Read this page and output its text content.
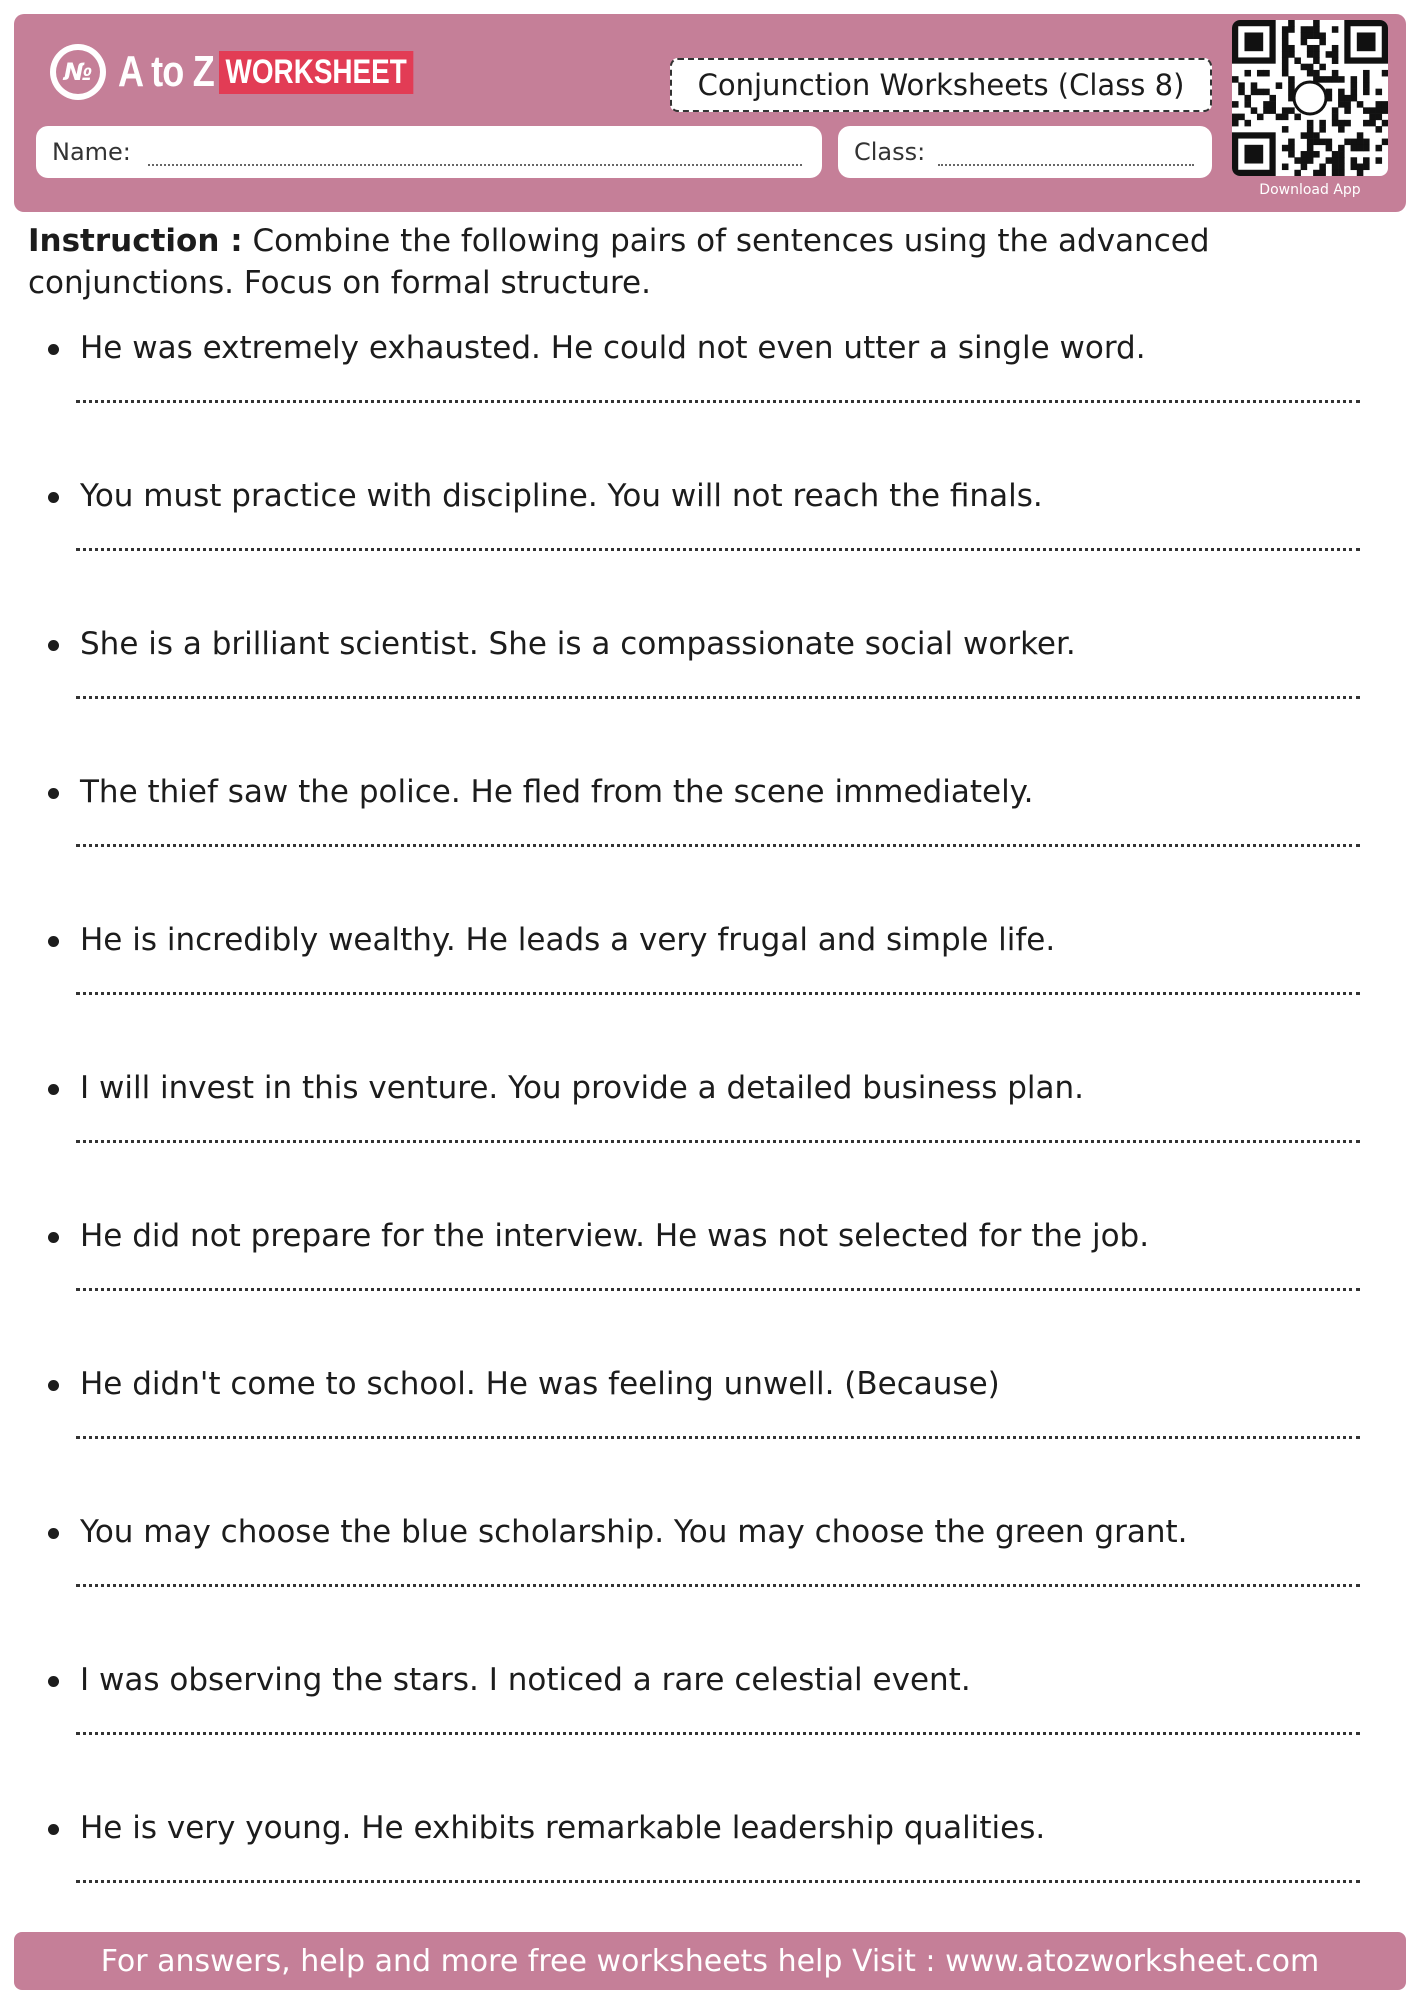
№ A to Z WORKSHEET	Conjunction Worksheets (Class 8)
Name:	Class:
Download App
Instruction : Combine the following pairs of sentences using the advanced conjunctions. Focus on formal structure.
He was extremely exhausted. He could not even utter a single word.
You must practice with discipline. You will not reach the finals.
She is a brilliant scientist. She is a compassionate social worker.
The thief saw the police. He fled from the scene immediately.
He is incredibly wealthy. He leads a very frugal and simple life.
I will invest in this venture. You provide a detailed business plan.
He did not prepare for the interview. He was not selected for the job.
He didn't come to school. He was feeling unwell. (Because)
You may choose the blue scholarship. You may choose the green grant.
I was observing the stars. I noticed a rare celestial event.
He is very young. He exhibits remarkable leadership qualities.
For answers, help and more free worksheets help Visit : www.atozworksheet.com
